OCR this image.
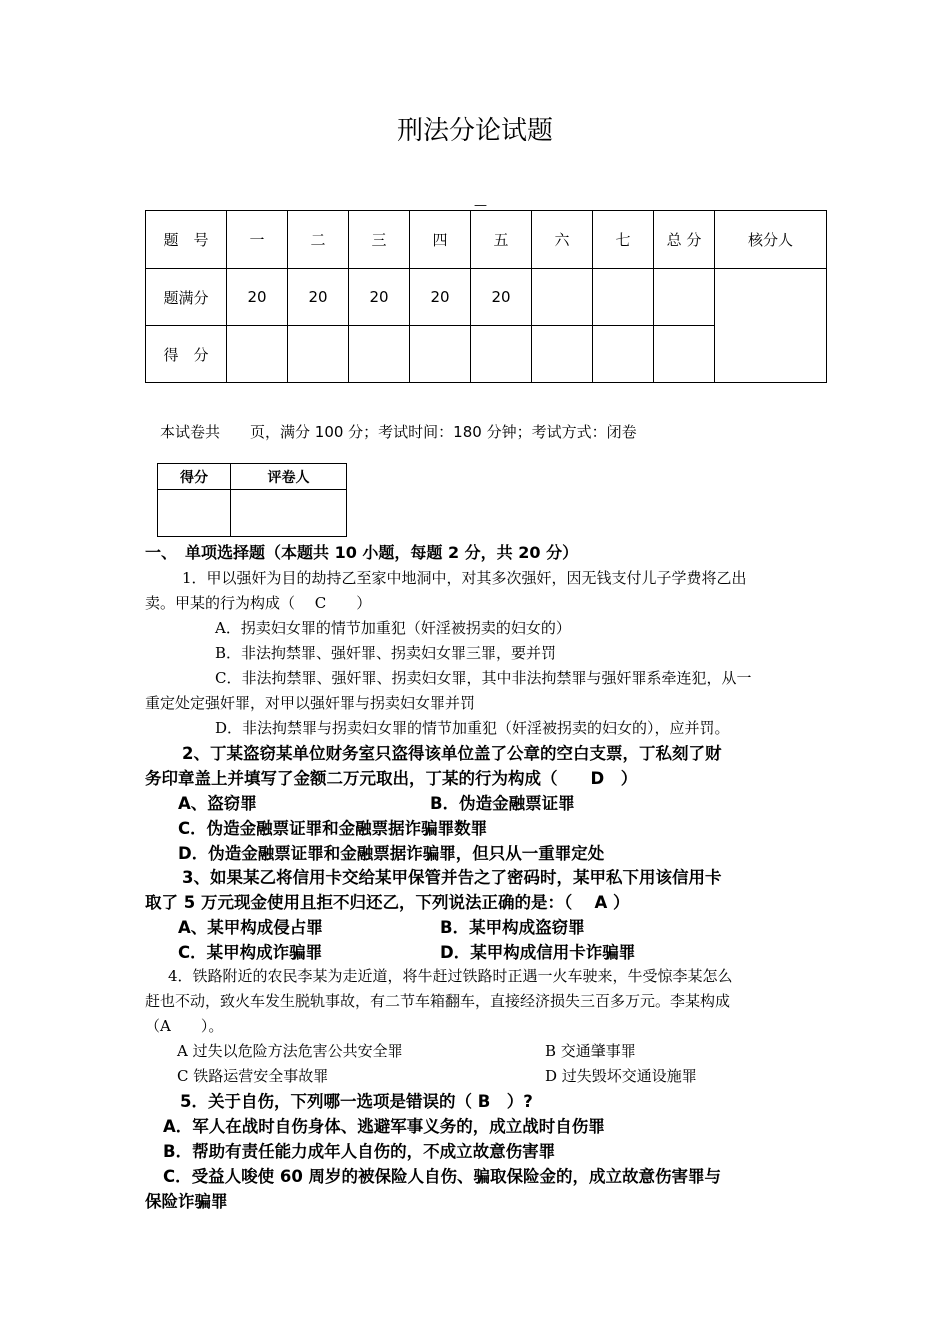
刑法分论试题
—
题　号	一	二	三	四	五	六	七	总 分	核分人
题满分	20	20	20	20	20				
得　分									
本试卷共　　页，满分 100 分；考试时间：180 分钟；考试方式：闭卷
得分	评卷人

一、　单项选择题（本题共 10 小题，每题 2 分，共 20 分）
1．甲以强奸为目的劫持乙至家中地洞中，对其多次强奸，因无钱支付儿子学费将乙出
卖。甲某的行为构成（　 C　　）
A．拐卖妇女罪的情节加重犯（奸淫被拐卖的妇女的）
B．非法拘禁罪、强奸罪、拐卖妇女罪三罪，要并罚
C．非法拘禁罪、强奸罪、拐卖妇女罪，其中非法拘禁罪与强奸罪系牵连犯，从一
重定处定强奸罪，对甲以强奸罪与拐卖妇女罪并罚
D．非法拘禁罪与拐卖妇女罪的情节加重犯（奸淫被拐卖的妇女的），应并罚。
2、丁某盗窃某单位财务室只盗得该单位盖了公章的空白支票，丁私刻了财
务印章盖上并填写了金额二万元取出，丁某的行为构成（　　D　）
A、盗窃罪	B．伪造金融票证罪
C．伪造金融票证罪和金融票据诈骗罪数罪
D．伪造金融票证罪和金融票据诈骗罪，但只从一重罪定处
3、如果某乙将信用卡交给某甲保管并告之了密码时，某甲私下用该信用卡
取了 5 万元现金使用且拒不归还乙，下列说法正确的是：（　 A ）
A、某甲构成侵占罪	B．某甲构成盗窃罪
C．某甲构成诈骗罪	D．某甲构成信用卡诈骗罪
4．铁路附近的农民李某为走近道，将牛赶过铁路时正遇一火车驶来，牛受惊李某怎么
赶也不动，致火车发生脱轨事故，有二节车箱翻车，直接经济损失三百多万元。李某构成
（A　　）。
A 过失以危险方法危害公共安全罪	B 交通肇事罪
C 铁路运营安全事故罪	D 过失毁坏交通设施罪
5．关于自伤，下列哪一选项是错误的（ B　）?
A．军人在战时自伤身体、逃避军事义务的，成立战时自伤罪
B．帮助有责任能力成年人自伤的，不成立故意伤害罪
C．受益人唆使 60 周岁的被保险人自伤、骗取保险金的，成立故意伤害罪与
保险诈骗罪
